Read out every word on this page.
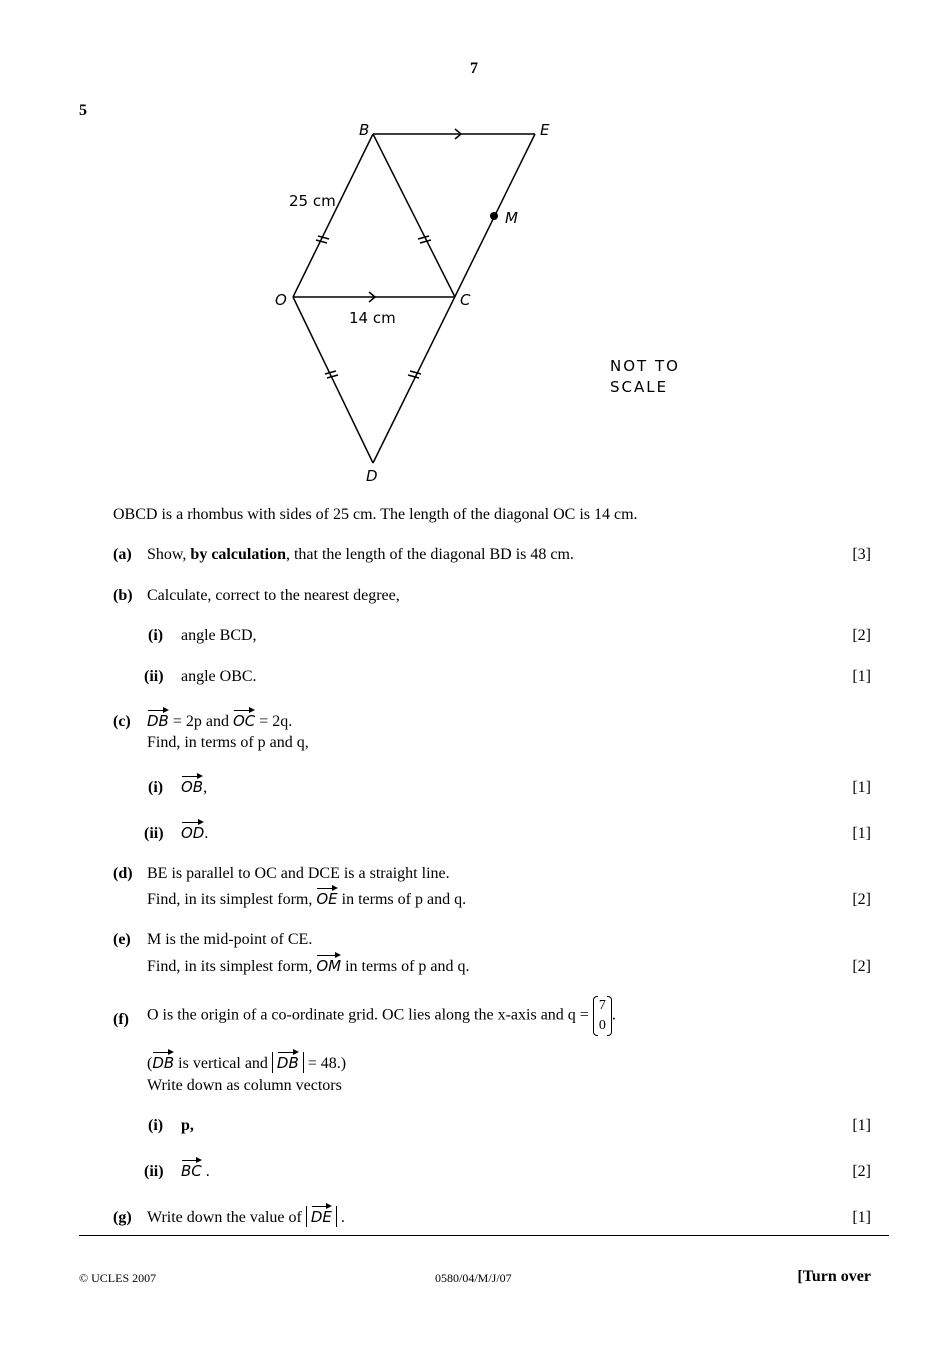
7
5
B	E
M
O	C
D
25 cm
14 cm
NOT TO
SCALE
OBCD is a rhombus with sides of 25 cm. The length of the diagonal OC is 14 cm.
(a) Show, by calculation, that the length of the diagonal BD is 48 cm.	[3]
(b) Calculate, correct to the nearest degree,
(i) angle BCD,	[2]
(ii) angle OBC.	[1]
(c) DB = 2p and OC = 2q.
Find, in terms of p and q,
(i) OB,	[1]
(ii) OD.	[1]
(d) BE is parallel to OC and DCE is a straight line.
Find, in its simplest form, OE in terms of p and q.	[2]
(e) M is the mid-point of CE.
Find, in its simplest form, OM in terms of p and q.	[2]
(f) O is the origin of a co-ordinate grid. OC lies along the x-axis and q =
7
0
.
(DB is vertical and DB = 48.)
Write down as column vectors
(i) p,	[1]
(ii) BC .	[2]
(g) Write down the value of DE .	[1]
© UCLES 2007	0580/04/M/J/07	[Turn over
